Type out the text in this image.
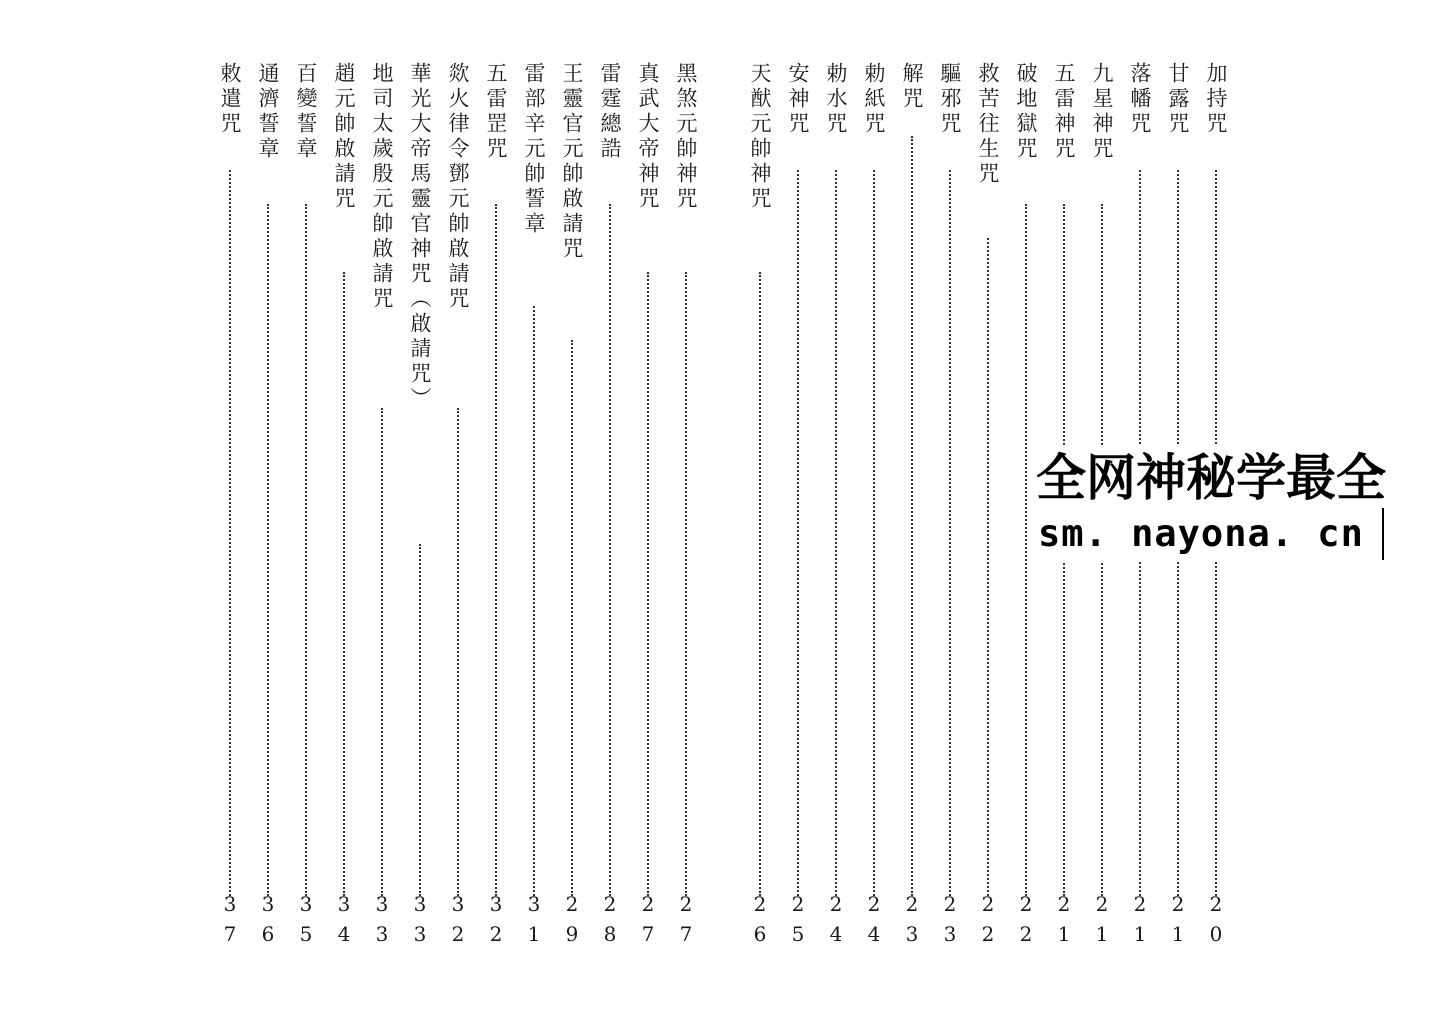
加持咒
20
甘露咒
21
落幡咒
21
九星神咒
21
五雷神咒
21
破地獄咒
22
救苦往生咒
22
驅邪咒
23
解咒
23
勅紙咒
24
勅水咒
24
安神咒
25
天猷元帥神咒
26
黑煞元帥神咒
27
真武大帝神咒
27
雷霆總誥
28
王靈官元帥啟請咒
29
雷部辛元帥誓章
31
五雷罡咒
32
欻火律令鄧元帥啟請咒
32
華光大帝馬靈官神咒（啟請咒）
33
地司太歲殷元帥啟請咒
33
趙元帥啟請咒
34
百變誓章
35
通濟誓章
36
敕遣咒
37
全网神秘学最全
sm. nayona. cn
